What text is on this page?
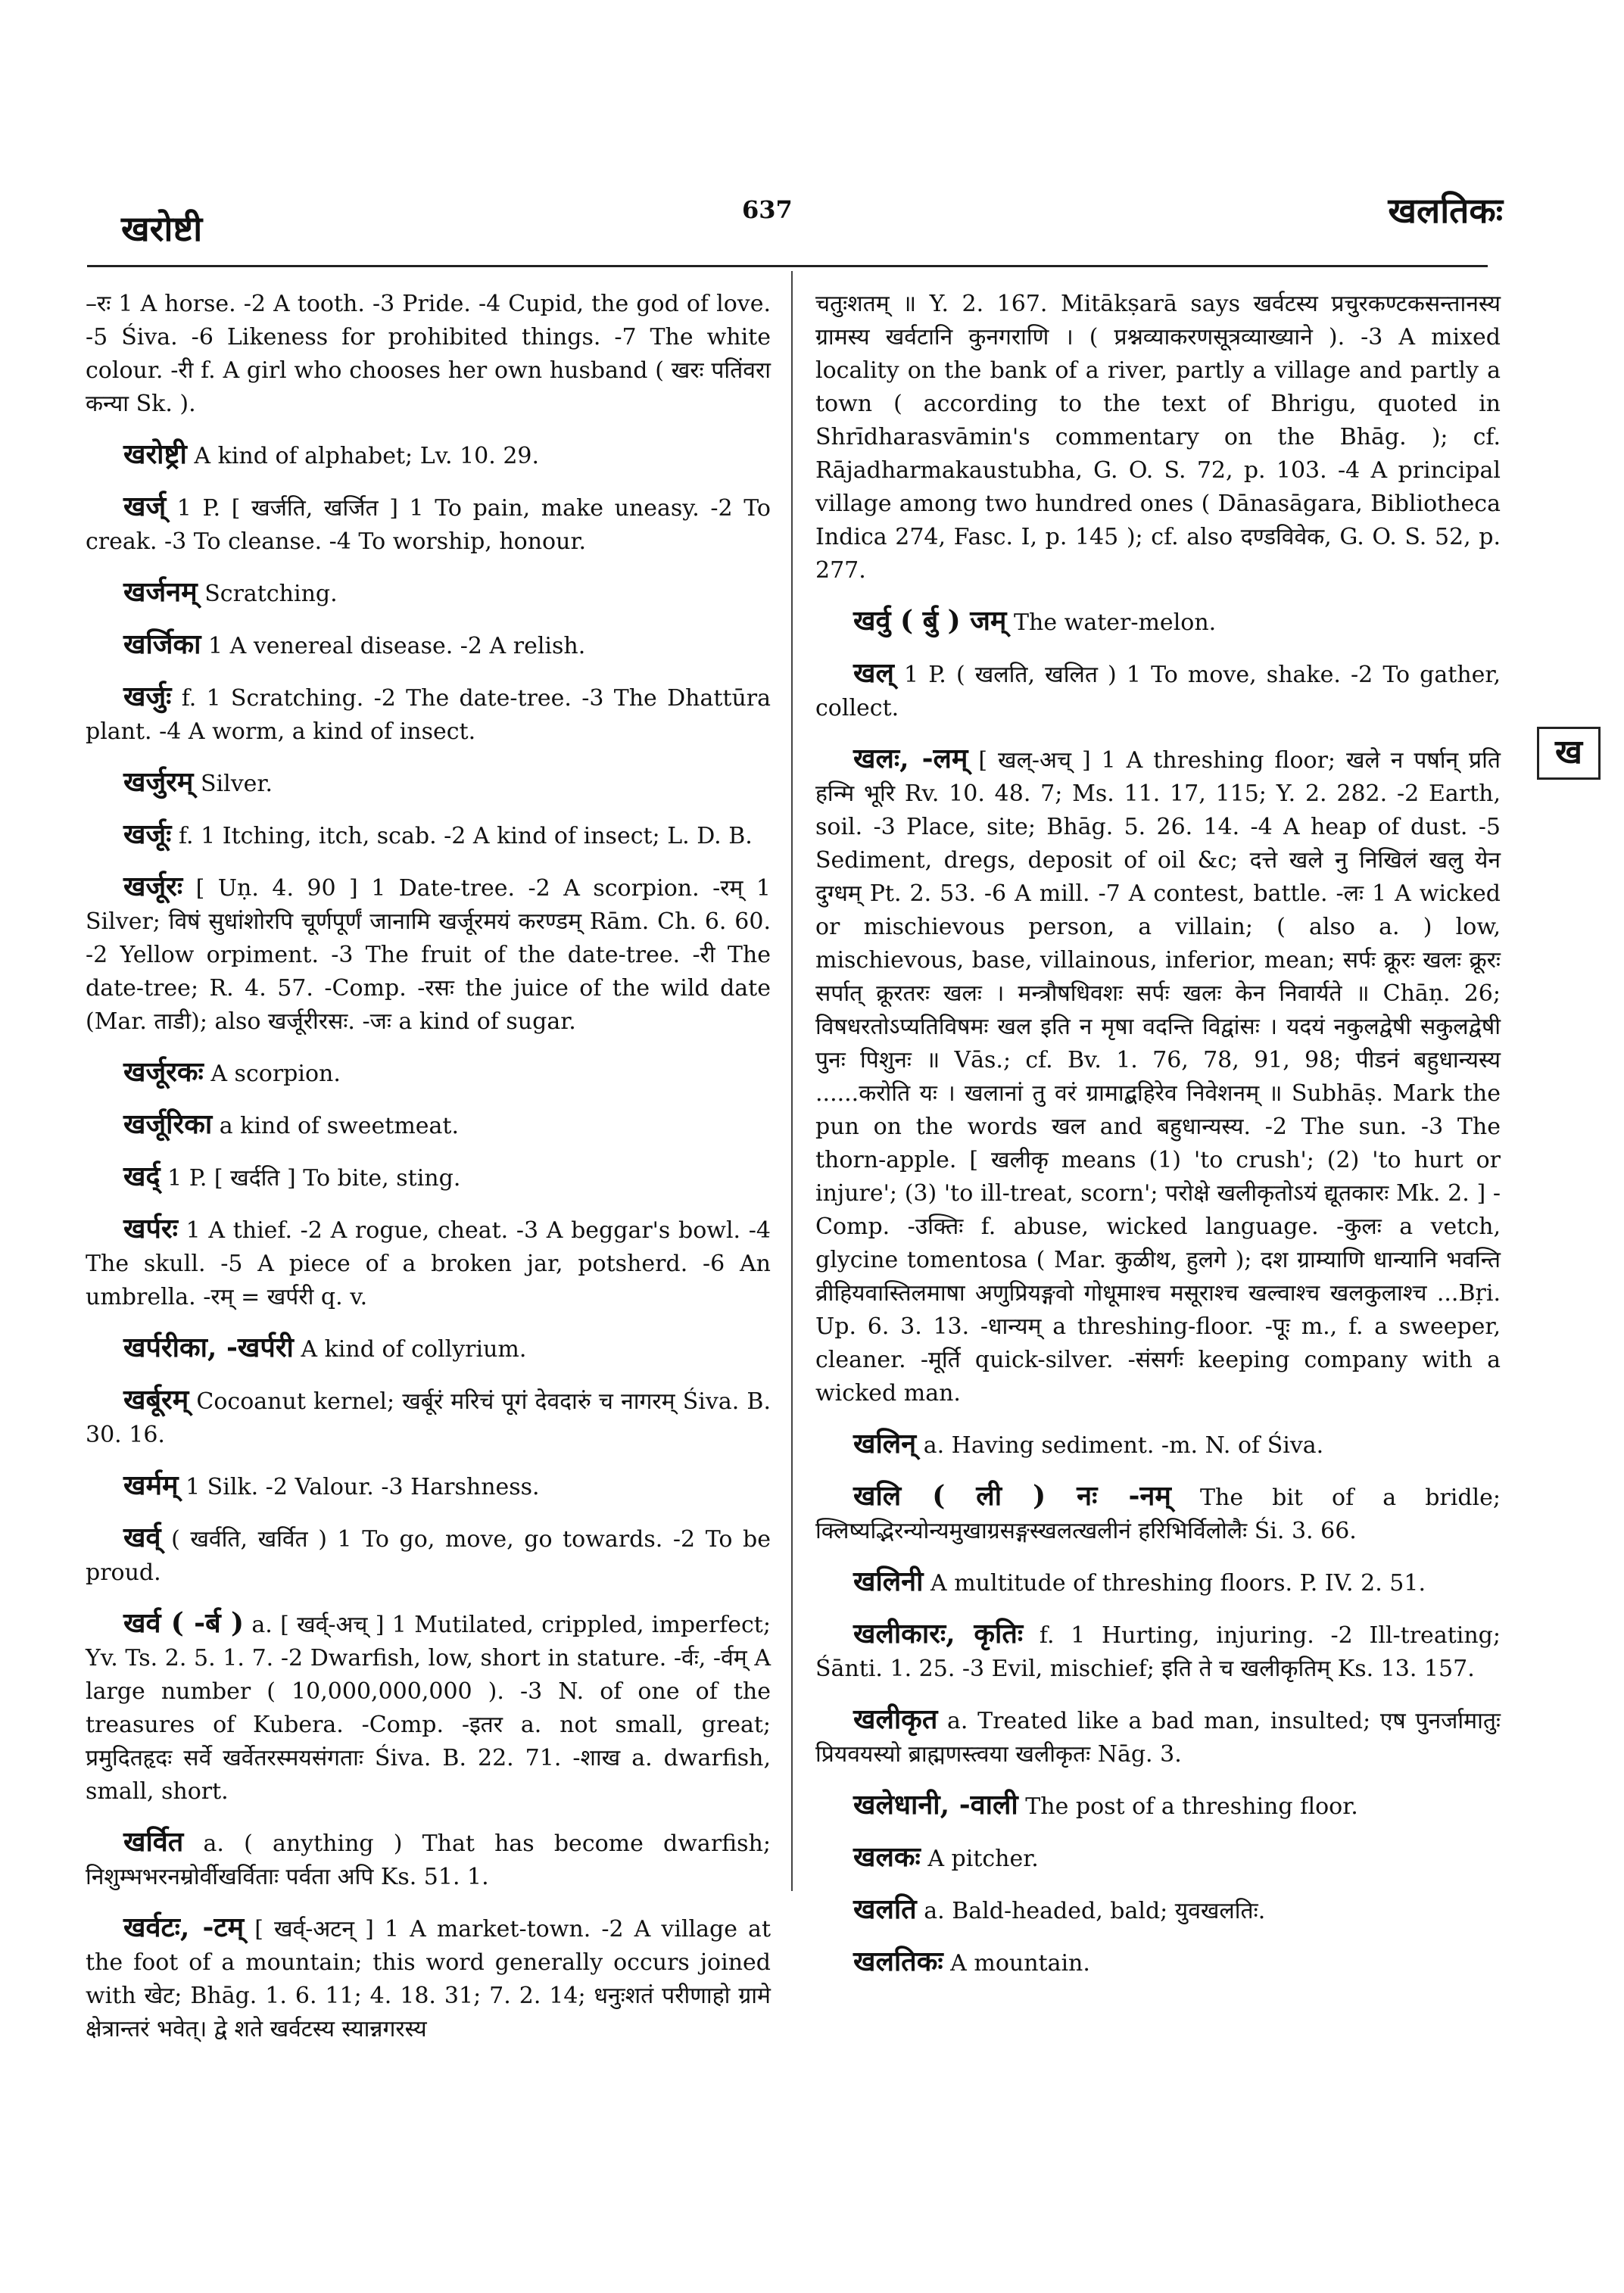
खरोष्टी	637	खलतिकः
ख

–रः 1 A horse. -2 A tooth. -3 Pride. -4 Cupid, the god of love. -5 Śiva. -6 Likeness for prohibited things. -7 The white colour. -री f. A girl who chooses her own husband ( खरः पतिंवरा कन्या Sk. ).

खरोष्ट्री A kind of alphabet; Lv. 10. 29.

खर्ज् 1 P. [ खर्जति, खर्जित ] 1 To pain, make uneasy. -2 To creak. -3 To cleanse. -4 To worship, honour.

खर्जनम् Scratching.

खर्जिका 1 A venereal disease. -2 A relish.

खर्जुः f. 1 Scratching. -2 The date-tree. -3 The Dhattūra plant. -4 A worm, a kind of insect.

खर्जुरम् Silver.

खर्जूः f. 1 Itching, itch, scab. -2 A kind of insect; L. D. B.

खर्जूरः [ Uṇ. 4. 90 ] 1 Date-tree. -2 A scorpion. -रम् 1 Silver; विषं सुधांशोरपि चूर्णपूर्णं जानामि खर्जूरमयं करण्डम् Rām. Ch. 6. 60. -2 Yellow orpiment. -3 The fruit of the date-tree. -री The date-tree; R. 4. 57. -Comp. -रसः the juice of the wild date (Mar. ताडी); also खर्जूरीरसः. -जः a kind of sugar.

खर्जूरकः A scorpion.

खर्जूरिका a kind of sweetmeat.

खर्द् 1 P. [ खर्दति ] To bite, sting.

खर्परः 1 A thief. -2 A rogue, cheat. -3 A beggar's bowl. -4 The skull. -5 A piece of a broken jar, potsherd. -6 An umbrella. -रम् = खर्परी q. v.

खर्परीका, -खर्परी A kind of collyrium.

खर्बूरम् Cocoanut kernel; खर्बूरं मरिचं पूगं देवदारुं च नागरम् Śiva. B. 30. 16.

खर्मम् 1 Silk. -2 Valour. -3 Harshness.

खर्व् ( खर्वति, खर्वित ) 1 To go, move, go towards. -2 To be proud.

खर्व ( -र्ब ) a. [ खर्व्-अच् ] 1 Mutilated, crippled, imperfect; Yv. Ts. 2. 5. 1. 7. -2 Dwarfish, low, short in stature. -र्वः, -र्वम् A large number ( 10,000,000,000 ). -3 N. of one of the treasures of Kubera. -Comp. -इतर a. not small, great; प्रमुदितहृदः सर्वे खर्वेतरस्मयसंगताः Śiva. B. 22. 71. -शाख a. dwarfish, small, short.

खर्वित a. ( anything ) That has become dwarfish; निशुम्भभरनम्रोर्वीखर्विताः पर्वता अपि Ks. 51. 1.

खर्वटः, -टम् [ खर्व्-अटन् ] 1 A market-town. -2 A village at the foot of a mountain; this word generally occurs joined with खेट; Bhāg. 1. 6. 11; 4. 18. 31; 7. 2. 14; धनुःशतं परीणाहो ग्रामे क्षेत्रान्तरं भवेत्। द्वे शते खर्वटस्य स्यान्नगरस्य

चतुःशतम् ॥ Y. 2. 167. Mitākṣarā says खर्वटस्य प्रचुरकण्टकसन्तानस्य ग्रामस्य खर्वटानि कुनगराणि । ( प्रश्नव्याकरणसूत्रव्याख्याने ). -3 A mixed locality on the bank of a river, partly a village and partly a town ( according to the text of Bhrigu, quoted in Shrīdharasvāmin's commentary on the Bhāg. ); cf. Rājadharmakaustubha, G. O. S. 72, p. 103. -4 A principal village among two hundred ones ( Dānasāgara, Bibliotheca Indica 274, Fasc. I, p. 145 ); cf. also दण्डविवेक, G. O. S. 52, p. 277.

खर्वु ( र्बु ) जम् The water-melon.

खल् 1 P. ( खलति, खलित ) 1 To move, shake. -2 To gather, collect.

खलः, -लम् [ खल्-अच् ] 1 A threshing floor; खले न पर्षान् प्रति हन्मि भूरि Rv. 10. 48. 7; Ms. 11. 17, 115; Y. 2. 282. -2 Earth, soil. -3 Place, site; Bhāg. 5. 26. 14. -4 A heap of dust. -5 Sediment, dregs, deposit of oil &c; दत्ते खले नु निखिलं खलु येन दुग्धम् Pt. 2. 53. -6 A mill. -7 A contest, battle. -लः 1 A wicked or mischievous person, a villain; ( also a. ) low, mischievous, base, villainous, inferior, mean; सर्पः क्रूरः खलः क्रूरः सर्पात् क्रूरतरः खलः । मन्त्रौषधिवशः सर्पः खलः केन निवार्यते ॥ Chāṇ. 26; विषधरतोऽप्यतिविषमः खल इति न मृषा वदन्ति विद्वांसः । यदयं नकुलद्वेषी सकुलद्वेषी पुनः पिशुनः ॥ Vās.; cf. Bv. 1. 76, 78, 91, 98; पीडनं बहुधान्यस्य ......करोति यः । खलानां तु वरं ग्रामाद्बहिरेव निवेशनम् ॥ Subhāṣ. Mark the pun on the words खल and बहुधान्यस्य. -2 The sun. -3 The thorn-apple. [ खलीकृ means (1) 'to crush'; (2) 'to hurt or injure'; (3) 'to ill-treat, scorn'; परोक्षे खलीकृतोऽयं द्यूतकारः Mk. 2. ] -Comp. -उक्तिः f. abuse, wicked language. -कुलः a vetch, glycine tomentosa ( Mar. कुळीथ, हुलगे ); दश ग्राम्याणि धान्यानि भवन्ति व्रीहियवास्तिलमाषा अणुप्रियङ्गवो गोधूमाश्च मसूराश्च खल्वाश्च खलकुलाश्च ...Bṛi. Up. 6. 3. 13. -धान्यम् a threshing-floor. -पूः m., f. a sweeper, cleaner. -मूर्ति quick-silver. -संसर्गः keeping company with a wicked man.

खलिन् a. Having sediment. -m. N. of Śiva.

खलि ( ली ) नः -नम् The bit of a bridle; क्लिष्यद्भिरन्योन्यमुखाग्रसङ्गस्खलत्खलीनं हरिभिर्विलोलैः Śi. 3. 66.

खलिनी A multitude of threshing floors. P. IV. 2. 51.

खलीकारः, कृतिः f. 1 Hurting, injuring. -2 Ill-treating; Śānti. 1. 25. -3 Evil, mischief; इति ते च खलीकृतिम् Ks. 13. 157.

खलीकृत a. Treated like a bad man, insulted; एष पुनर्जामातुः प्रियवयस्यो ब्राह्मणस्त्वया खलीकृतः Nāg. 3.

खलेधानी, -वाली The post of a threshing floor.

खलकः A pitcher.

खलति a. Bald-headed, bald; युवखलतिः.

खलतिकः A mountain.
